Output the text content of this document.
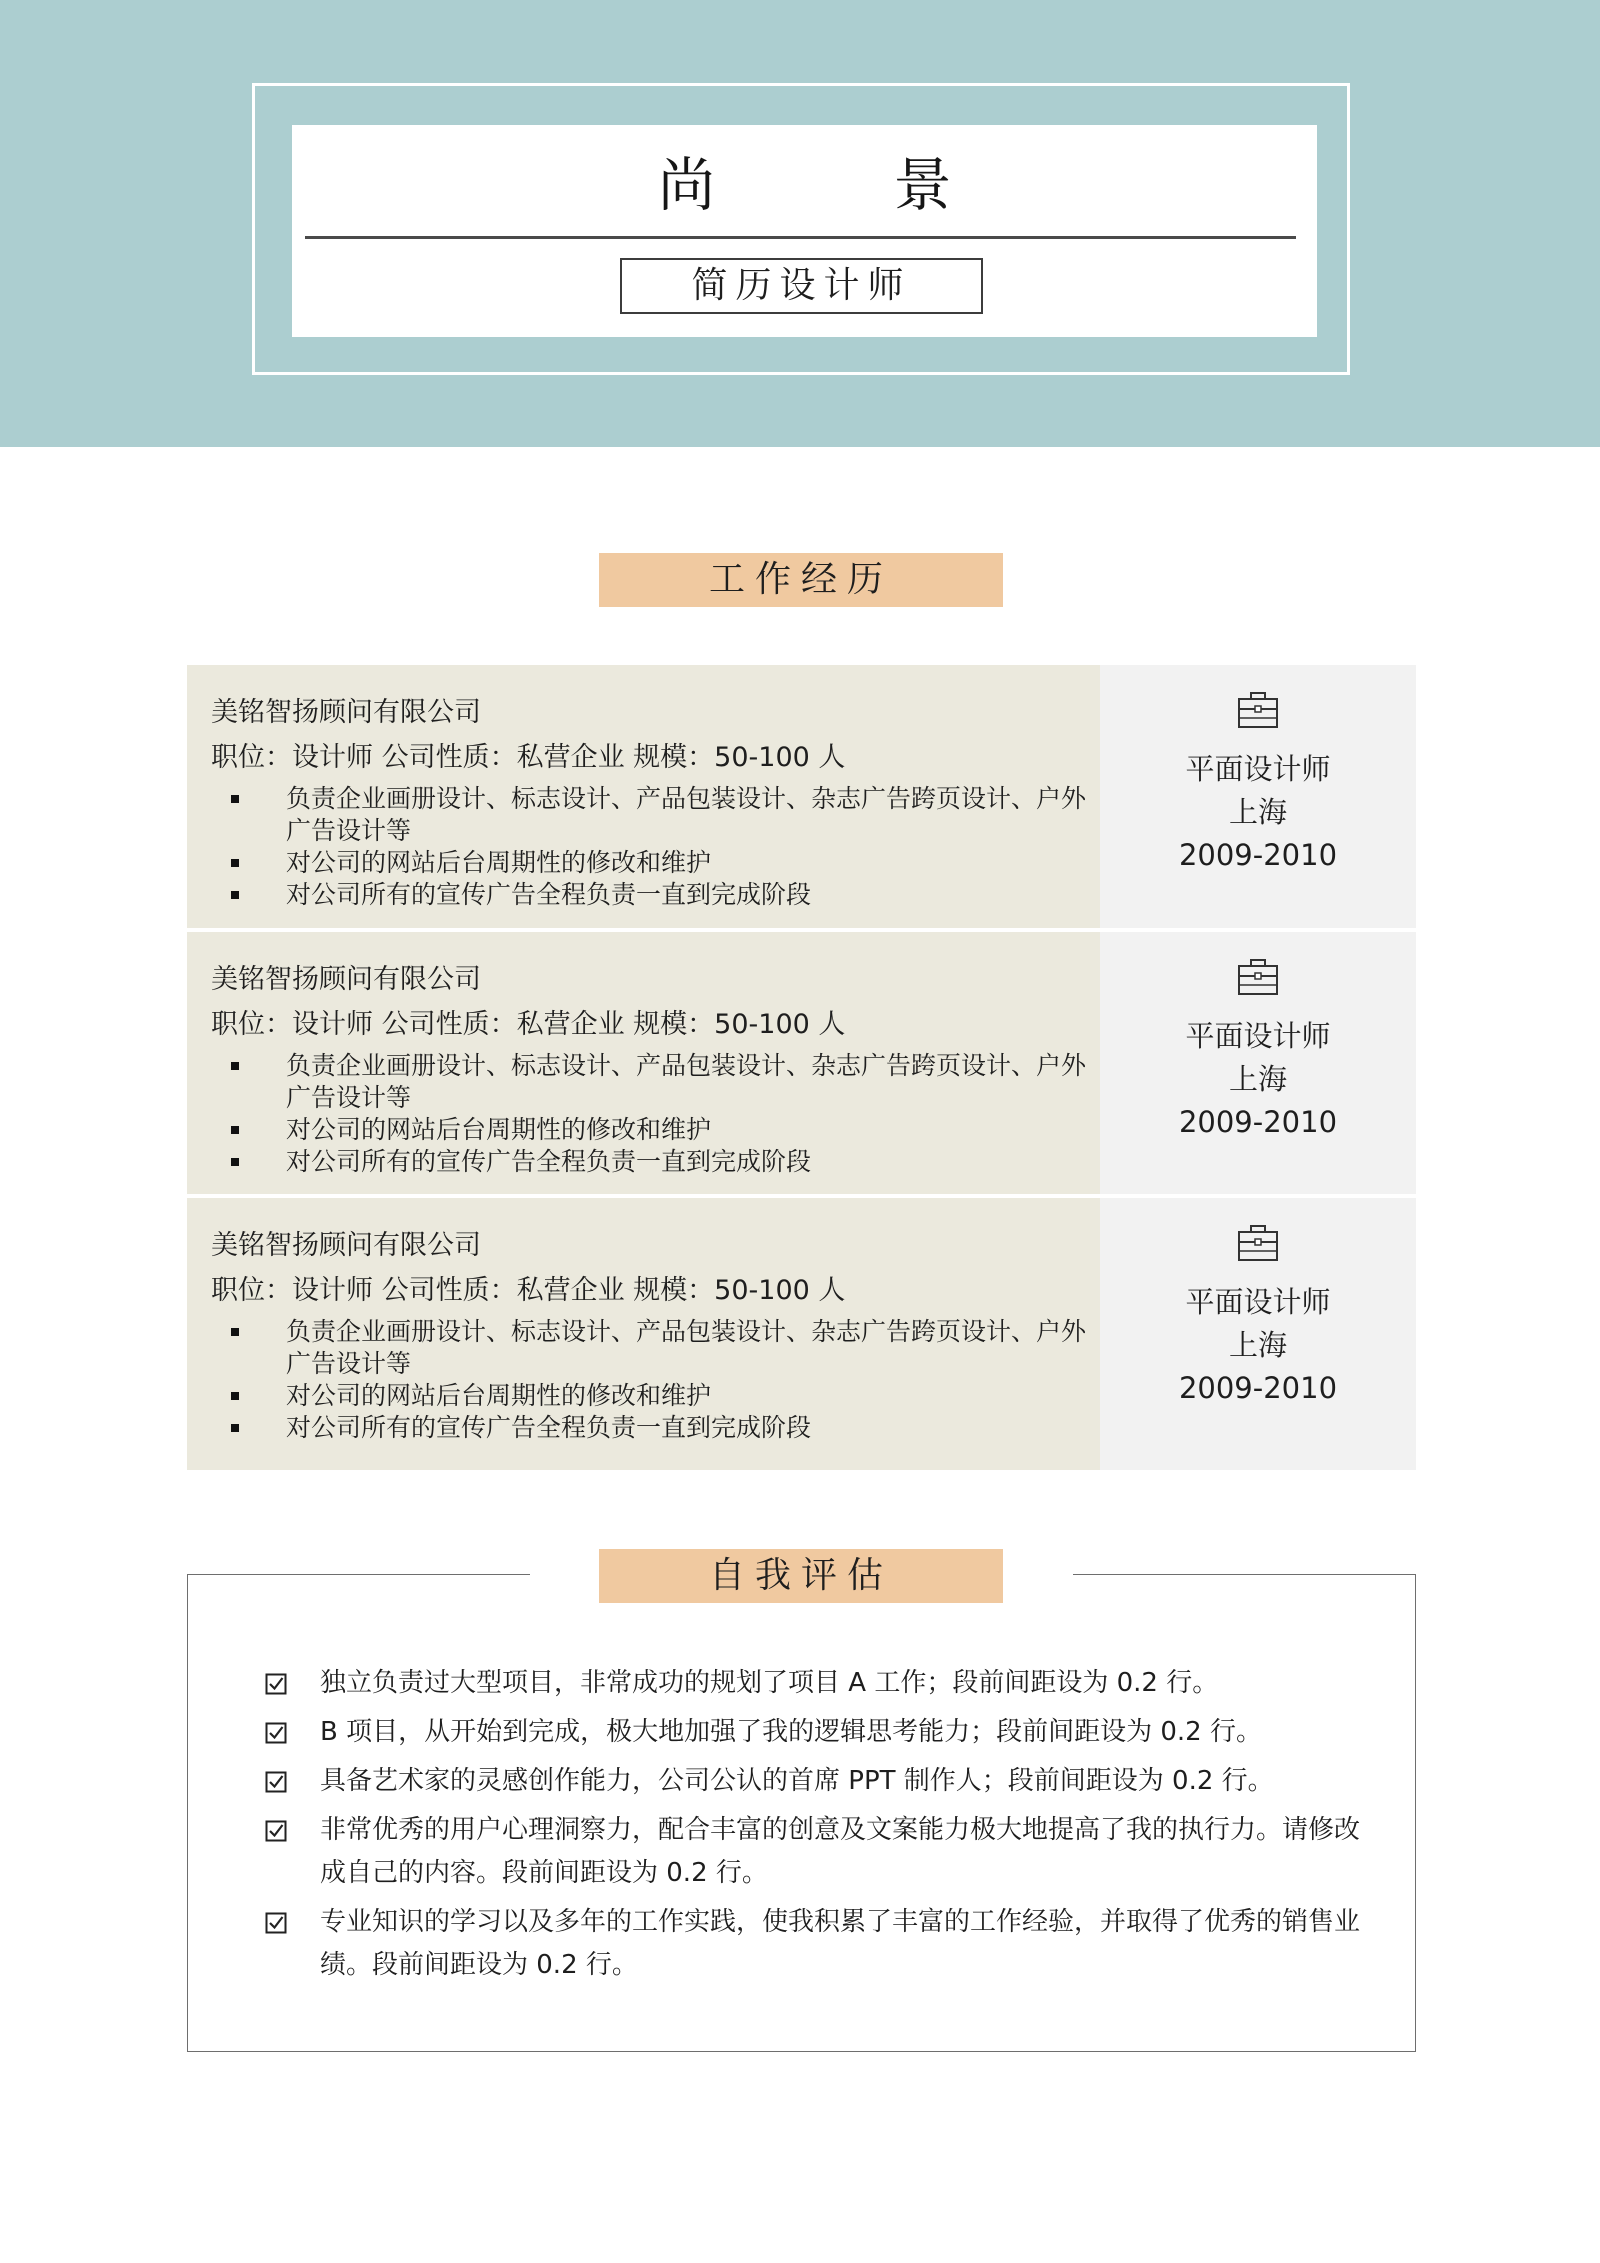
尚　景
简历设计师
工作经历
美铭智扬顾问有限公司
职位：设计师 公司性质：私营企业 规模：50-100 人
负责企业画册设计、标志设计、产品包装设计、杂志广告跨页设计、户外广告设计等
对公司的网站后台周期性的修改和维护
对公司所有的宣传广告全程负责一直到完成阶段
平面设计师
上海
2009-2010
美铭智扬顾问有限公司
职位：设计师 公司性质：私营企业 规模：50-100 人
负责企业画册设计、标志设计、产品包装设计、杂志广告跨页设计、户外广告设计等
对公司的网站后台周期性的修改和维护
对公司所有的宣传广告全程负责一直到完成阶段
平面设计师
上海
2009-2010
美铭智扬顾问有限公司
职位：设计师 公司性质：私营企业 规模：50-100 人
负责企业画册设计、标志设计、产品包装设计、杂志广告跨页设计、户外广告设计等
对公司的网站后台周期性的修改和维护
对公司所有的宣传广告全程负责一直到完成阶段
平面设计师
上海
2009-2010
自我评估
独立负责过大型项目，非常成功的规划了项目 A 工作；段前间距设为 0.2 行。
B 项目，从开始到完成，极大地加强了我的逻辑思考能力；段前间距设为 0.2 行。
具备艺术家的灵感创作能力，公司公认的首席 PPT 制作人；段前间距设为 0.2 行。
非常优秀的用户心理洞察力，配合丰富的创意及文案能力极大地提高了我的执行力。请修改成自己的内容。段前间距设为 0.2 行。
专业知识的学习以及多年的工作实践，使我积累了丰富的工作经验，并取得了优秀的销售业绩。段前间距设为 0.2 行。
